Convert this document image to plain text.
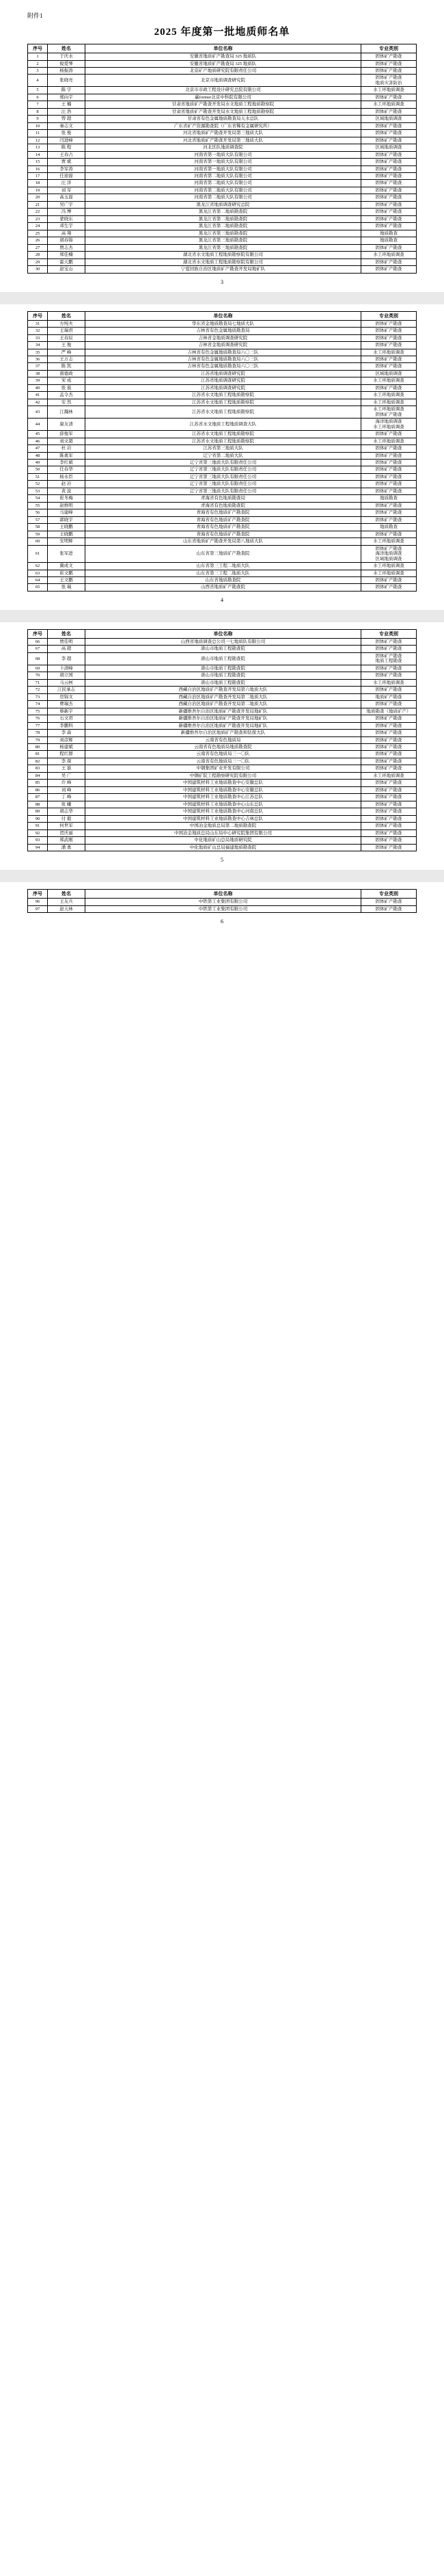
附件1
2025 年度第一批地质师名单
序号	姓名	单位名称	专业类别
1	于庆水	安徽省地质矿产勘查局 325 地质队	固体矿产勘查
2	倪爱琴	安徽省地质矿产勘查局 325 地质队	固体矿产勘查
3	杨振涛	北京矿产地质研究院有限责任公司	固体矿产勘查
4	张晓亮	北京市地质调查研究院	固体矿产勘查
地质灾害防治
5	陈 宇	北京市市政工程设计研究总院有限公司	水工环地质调查
6	郑向宇	赢former北京中科院有限公司	固体矿产勘查
7	王 楠	甘肃省地质矿产勘查开发局水文地质工程地质勘察院	水工环地质调查
8	汪 浩	甘肃省地质矿产勘查开发局水文地质工程地质勘察院	固体矿产勘查
9	曾 超	甘肃省有色金属地质勘查局天水总队	区域地质调查
10	秦志文	广东省矿产资源勘查院（广东省稀有金属研究所）	固体矿产勘查
11	张 俊	河北省地质矿产勘查开发局第三地质大队	固体矿产勘查
12	闫进峰	河北省地质矿产勘查开发局第三地质大队	固体矿产勘查
13	陈 程	河北区队地质调查院	区域地质调查
14	王春占	河南省第一地质大队有限公司	固体矿产勘查
15	贾 斌	河南省第一地质大队有限公司	固体矿产勘查
16	李军涛	河南省第一地质大队有限公司	固体矿产勘查
17	任迎磊	河南省第二地质大队有限公司	固体矿产勘查
18	汪 洋	河南省第二地质大队有限公司	固体矿产勘查
19	刘 军	河南省第二地质大队有限公司	固体矿产勘查
20	高玉磊	河南省第二地质大队有限公司	固体矿产勘查
21	吴广宇	黑龙江省地质调查研究总院	固体矿产勘查
22	冯 博	黑龙江省第二地质勘查院	固体矿产勘查
23	蒙晓东	黑龙江省第二地质勘查院	固体矿产勘查
24	邓生宇	黑龙江省第二地质勘查院	固体矿产勘查
25	高 翔	黑龙江省第三地质勘查院	地质勘查
26	胡春锦	黑龙江省第三地质勘查院	地质勘查
27	贾志杰	黑龙江省第三地质勘查院	固体矿产勘查
28	郑佳楠	湖北省水文地质工程地质勘察院有限公司	水工环地质调查
29	霍天鹏	湖北省水文地质工程地质勘察院有限公司	固体矿产勘查
30	赵宝山	宁夏回族自治区地质矿产勘查开发局地矿队	固体矿产勘查
3
序号	姓名	单位名称	专业类别
31	方纯夫	华东省金地质勘查局七地质大队	固体矿产勘查
32	王瑞君	吉林省有色金属地质勘查局	固体矿产勘查
33	王春辰	吉林省金地质调查研究院	固体矿产勘查
34	王 俊	吉林省金地质调查研究院	固体矿产勘查
35	严 峰	吉林省有色金属地质勘查局六〇三队	水工环地质调查
36	王万志	吉林省有色金属地质勘查局六〇三队	固体矿产勘查
37	陈 凯	吉林省有色金属地质勘查局六〇三队	固体矿产勘查
38	南德政	江苏省地质调查研究院	区域地质调查
39	宋 成	江苏省地质调查研究院	水工环地质调查
40	张 磊	江苏省地质调查研究院	固体矿产勘查
41	孟令杰	江苏省水文地质工程地质勘察院	水工环地质调查
42	安 然	江苏省水文地质工程地质勘察院	水工环地质调查
43	江瀚林	江苏省水文地质工程地质勘察院	水工环地质调查
固体矿产勘查
44	康友清	江苏省水文地质工程地质调查大队	海洋地质调查
水工环地质调查
45	薛俊军	江苏省水文地质工程地质勘察院	固体矿产勘查
46	刘文超	江苏省水文地质工程地质勘察院	水工环地质调查
47	杜 岩	江苏省第三地质大队	固体矿产勘查
48	陈勇军	辽宁省第二地质大队	固体矿产勘查
49	李红斌	辽宁省第三地质大队有限责任公司	固体矿产勘查
50	任春华	辽宁省第三地质大队有限责任公司	固体矿产勘查
51	杨永臣	辽宁省第三地质大队有限责任公司	固体矿产勘查
52	赵 岩	辽宁省第三地质大队有限责任公司	固体矿产勘查
53	黄 波	辽宁省第三地质大队有限责任公司	固体矿产勘查
54	崔冬梅	青海省有色地质勘查局	地质勘查
55	赵维明	青海省有色地质勘查院	固体矿产勘查
56	马建峰	青海省有色地质矿产勘查院	固体矿产勘查
57	郭晓宇	青海省有色地质矿产勘查院	固体矿产勘查
58	王晓鹏	青海省有色地质矿产勘查院	地质勘查
59	王晓鹏	青海省有色地质矿产勘查院	固体矿产勘查
60	安明辉	山东省地质矿产勘查开发局第八地质大队	水工环地质调查
61	张军进	山东省第三地质矿产勘查院	固体矿产勘查
海洋地质调查
区域地质调查
62	冀成文	山东省第三工程二地质大队	水工环地质调查
63	崔文鹏	山东省第三工程二地质大队	水工环地质调查
64	王文鹏	山东省地质勘查院	固体矿产勘查
65	张 瑞	山西省地质矿产勘查院	固体矿产勘查
4
序号	姓名	单位名称	专业类别
66	贾佳明	山西省地质调查总公司一七地质队有限公司	固体矿产勘查
67	高 超	唐山市地质工程勘查院	固体矿产勘查
68	李 超	唐山市地质工程勘查院	固体矿产勘查
地质工程勘查
69	卜清峰	唐山市地质工程勘查院	固体矿产勘查
70	胡立国	唐山市地质工程勘查院	固体矿产勘查
71	马云柯	唐山市地质工程勘查院	水工环地质调查
72	冮民承志	西藏自治区地质矿产勘查开发局第六地质大队	固体矿产勘查
73	房锦文	西藏自治区地质矿产勘查开发局第二地质大队	地质矿产勘查
74	曹瑞杰	西藏自治区地质矿产勘查开发局第二地质大队	固体矿产勘查
75	蔡新宇	新疆维吾尔自治区地质矿产勘查开发局地矿队	地质勘查（地质矿产）
76	石文君	新疆维吾尔自治区地质矿产勘查开发局地矿队	固体矿产勘查
77	李鹏科	新疆维吾尔自治区地质矿产勘查开发局地矿队	固体矿产勘查
78	李 森	新疆维吾尔自治区地质矿产勘查和钻探大队	固体矿产勘查
79	刘彦辉	云南省有色地质局	固体矿产勘查
80	杨建斌	云南省有色地质局地质勘查院	固体矿产勘查
81	程红群	云南省有色地质局三一〇队	固体矿产勘查
82	李 琛	云南省有色地质局三一〇队	固体矿产勘查
83	王 磊	中钢集团矿业开发有限公司	固体矿产勘查
84	吴 广	中钢矿院工程勘察研究院有限公司	水工环地质调查
85	许 峰	中国建筑材料工业地质勘查中心安徽总队	固体矿产勘查
86	刘 峰	中国建筑材料工业地质勘查中心安徽总队	固体矿产勘查
87	丁 峰	中国建筑材料工业地质勘查中心江苏总队	固体矿产勘查
88	张 曦	中国建筑材料工业地质勘查中心山东总队	固体矿产勘查
89	胡志华	中国建筑材料工业地质勘查中心河南总队	固体矿产勘查
90	付 毅	中国建筑材料工业地质勘查中心吉林总队	固体矿产勘查
91	何世军	中国冶金地质总局第二地质勘查院	固体矿产勘查
92	贺庆丽	中国冶金地质总局山东局中心研究院集团有限公司	固体矿产勘查
93	郑武刚	中化地质矿山总局地质研究院	固体矿产勘查
94	潘 勇	中化地质矿山总局福建地质勘查院	固体矿产勘查
5
序号	姓名	单位名称	专业类别
96	王友兵	中铁第工业集团有限公司	固体矿产勘查
97	赵天林	中铁第工业集团有限公司	固体矿产勘查
6
